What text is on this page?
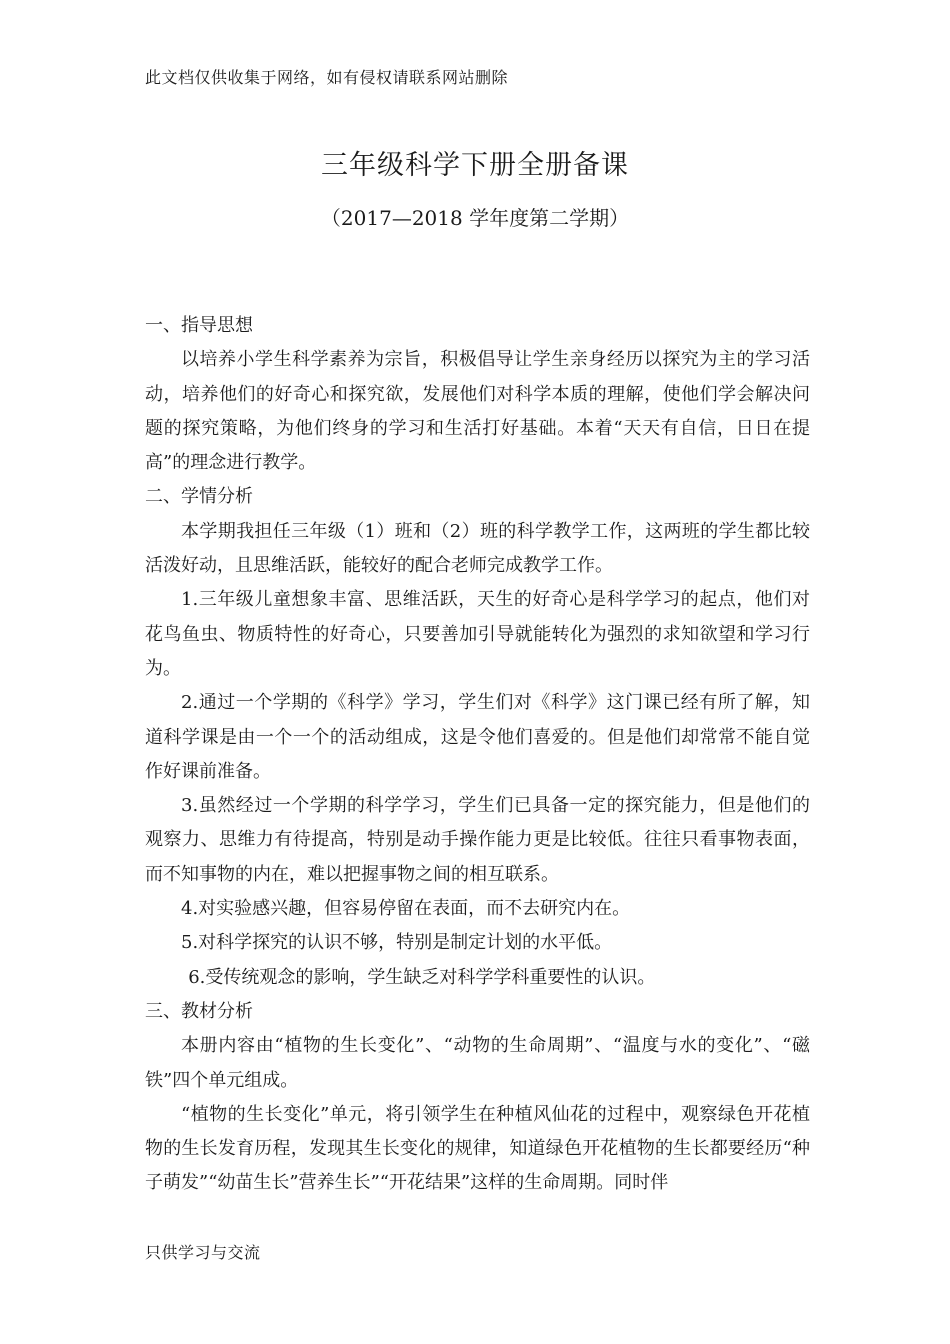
此文档仅供收集于网络，如有侵权请联系网站删除
三年级科学下册全册备课
（2017—2018 学年度第二学期）

一、指导思想

以培养小学生科学素养为宗旨，积极倡导让学生亲身经历以探究为主的学习活动，培养他们的好奇心和探究欲，发展他们对科学本质的理解，使他们学会解决问题的探究策略，为他们终身的学习和生活打好基础。本着“天天有自信，日日在提高”的理念进行教学。

二、学情分析

本学期我担任三年级（1）班和（2）班的科学教学工作，这两班的学生都比较活泼好动，且思维活跃，能较好的配合老师完成教学工作。

1.三年级儿童想象丰富、思维活跃，天生的好奇心是科学学习的起点，他们对花鸟鱼虫、物质特性的好奇心，只要善加引导就能转化为强烈的求知欲望和学习行为。

2.通过一个学期的《科学》学习，学生们对《科学》这门课已经有所了解，知道科学课是由一个一个的活动组成，这是令他们喜爱的。但是他们却常常不能自觉作好课前准备。

3.虽然经过一个学期的科学学习，学生们已具备一定的探究能力，但是他们的观察力、思维力有待提高，特别是动手操作能力更是比较低。往往只看事物表面，而不知事物的内在，难以把握事物之间的相互联系。

4.对实验感兴趣，但容易停留在表面，而不去研究内在。

5.对科学探究的认识不够，特别是制定计划的水平低。

6.受传统观念的影响，学生缺乏对科学学科重要性的认识。

三、教材分析

本册内容由“植物的生长变化”、“动物的生命周期”、“温度与水的变化”、“磁铁”四个单元组成。

“植物的生长变化”单元，将引领学生在种植风仙花的过程中，观察绿色开花植物的生长发育历程，发现其生长变化的规律，知道绿色开花植物的生长都要经历“种子萌发”“幼苗生长”营养生长”“开花结果”这样的生命周期。同时伴

只供学习与交流
